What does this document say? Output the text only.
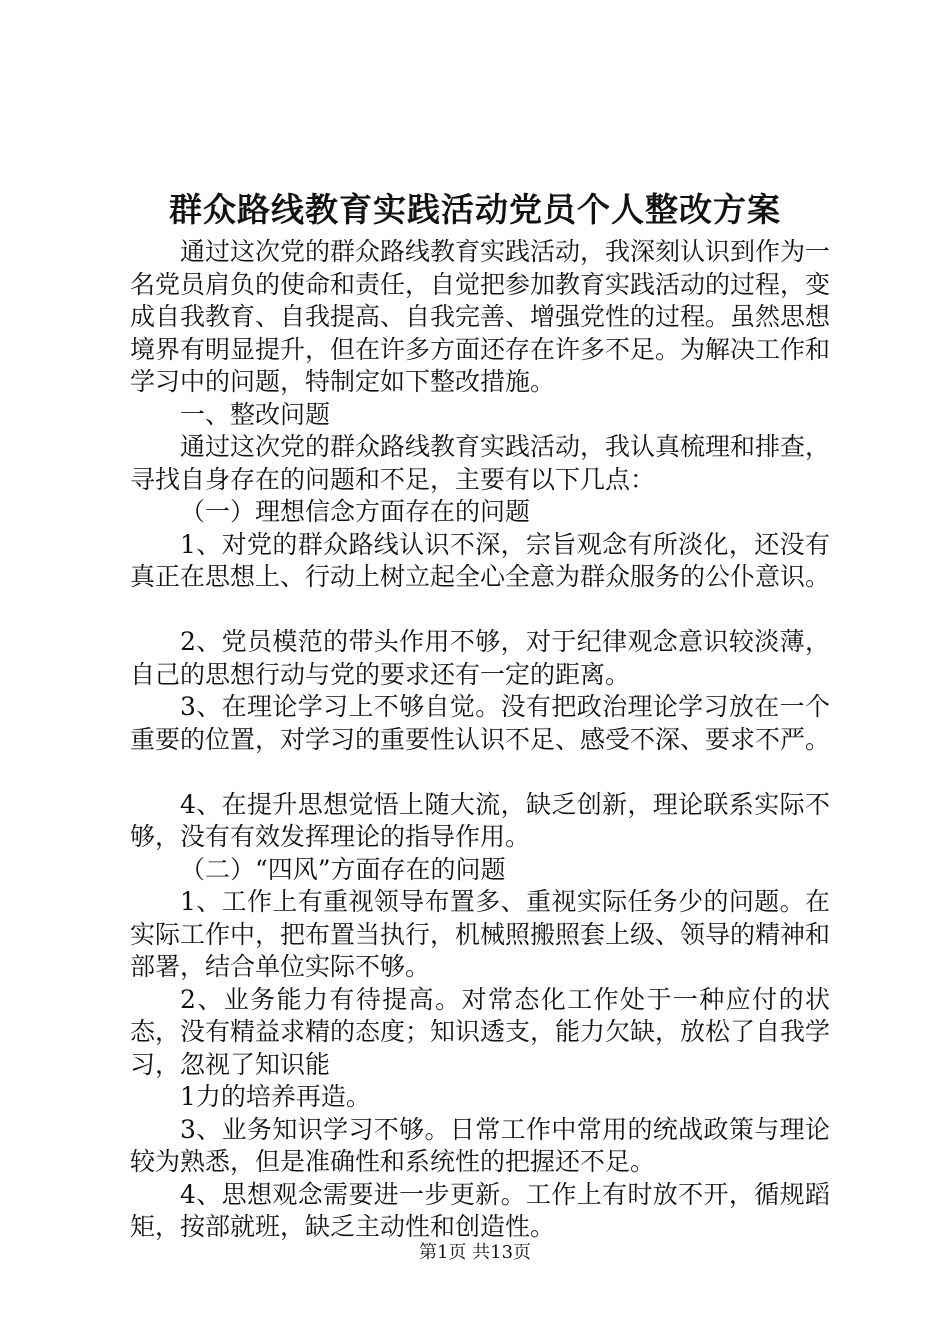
群众路线教育实践活动党员个人整改方案

通过这次党的群众路线教育实践活动，我深刻认识到作为一名党员肩负的使命和责任，自觉把参加教育实践活动的过程，变成自我教育、自我提高、自我完善、增强党性的过程。虽然思想境界有明显提升，但在许多方面还存在许多不足。为解决工作和学习中的问题，特制定如下整改措施。

一、整改问题

通过这次党的群众路线教育实践活动，我认真梳理和排查，寻找自身存在的问题和不足，主要有以下几点：

（一）理想信念方面存在的问题

1、对党的群众路线认识不深，宗旨观念有所淡化，还没有真正在思想上、行动上树立起全心全意为群众服务的公仆意识。

2、党员模范的带头作用不够，对于纪律观念意识较淡薄，自己的思想行动与党的要求还有一定的距离。

3、在理论学习上不够自觉。没有把政治理论学习放在一个重要的位置，对学习的重要性认识不足、感受不深、要求不严。

4、在提升思想觉悟上随大流，缺乏创新，理论联系实际不够，没有有效发挥理论的指导作用。

（二）“四风”方面存在的问题

1、工作上有重视领导布置多、重视实际任务少的问题。在实际工作中，把布置当执行，机械照搬照套上级、领导的精神和部署，结合单位实际不够。

2、业务能力有待提高。对常态化工作处于一种应付的状态，没有精益求精的态度；知识透支，能力欠缺，放松了自我学习，忽视了知识能

1力的培养再造。

3、业务知识学习不够。日常工作中常用的统战政策与理论较为熟悉，但是准确性和系统性的把握还不足。

4、思想观念需要进一步更新。工作上有时放不开，循规蹈矩，按部就班，缺乏主动性和创造性。

第1页 共13页
